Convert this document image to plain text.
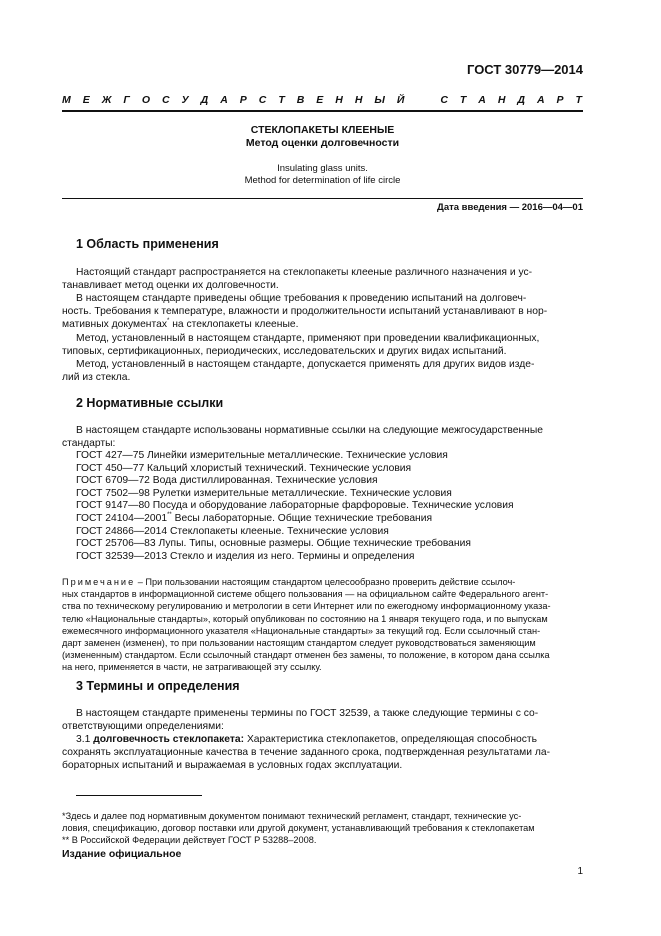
ГОСТ 30779—2014
М Е Ж Г О С У Д А Р С Т В Е Н Н Ы Й	С Т А Н Д А Р Т
СТЕКЛОПАКЕТЫ КЛЕЕНЫЕ
Метод оценки долговечности
Insulating glass units.
Method for determination of life circle
Дата введения — 2016—04—01
1 Область применения
Настоящий стандарт распространяется на стеклопакеты клееные различного назначения и ус-
танавливает метод оценки их долговечности.
В настоящем стандарте приведены общие требования к проведению испытаний на долговеч-
ность. Требования к температуре, влажности и продолжительности испытаний устанавливают в нор-
мативных документах* на стеклопакеты клееные.
Метод, установленный в настоящем стандарте, применяют при проведении квалификационных,
типовых, сертификационных, периодических, исследовательских и других видах испытаний.
Метод, установленный в настоящем стандарте, допускается применять для других видов изде-
лий из стекла.
2 Нормативные ссылки
В настоящем стандарте использованы нормативные ссылки на следующие межгосударственные
стандарты:
ГОСТ 427—75 Линейки измерительные металлические. Технические условия
ГОСТ 450—77 Кальций хлористый технический. Технические условия
ГОСТ 6709—72 Вода дистиллированная. Технические условия
ГОСТ 7502—98 Рулетки измерительные металлические. Технические условия
ГОСТ 9147—80 Посуда и оборудование лабораторные фарфоровые. Технические условия
ГОСТ 24104—2001** Весы лабораторные. Общие технические требования
ГОСТ 24866—2014 Стеклопакеты клееные. Технические условия
ГОСТ 25706—83 Лупы. Типы, основные размеры. Общие технические требования
ГОСТ 32539—2013 Стекло и изделия из него. Термины и определения
Примечание – При пользовании настоящим стандартом целесообразно проверить действие ссылоч-
ных стандартов в информационной системе общего пользования — на официальном сайте Федерального агент-
ства по техническому регулированию и метрологии в сети Интернет или по ежегодному информационному указа-
телю «Национальные стандарты», который опубликован по состоянию на 1 января текущего года, и по выпускам
ежемесячного информационного указателя «Национальные стандарты» за текущий год. Если ссылочный стан-
дарт заменен (изменен), то при пользовании настоящим стандартом следует руководствоваться заменяющим
(измененным) стандартом. Если ссылочный стандарт отменен без замены, то положение, в котором дана ссылка
на него, применяется в части, не затрагивающей эту ссылку.
3 Термины и определения
В настоящем стандарте применены термины по ГОСТ 32539, а также следующие термины с со-
ответствующими определениями:
3.1 долговечность стеклопакета: Характеристика стеклопакетов, определяющая способность
сохранять эксплуатационные качества в течение заданного срока, подтвержденная результатами ла-
бораторных испытаний и выражаемая в условных годах эксплуатации.
*Здесь и далее под нормативным документом понимают технический регламент, стандарт, технические ус-
ловия, спецификацию, договор поставки или другой документ, устанавливающий требования к стеклопакетам
** В Российской Федерации действует ГОСТ Р 53288–2008.
Издание официальное
1
